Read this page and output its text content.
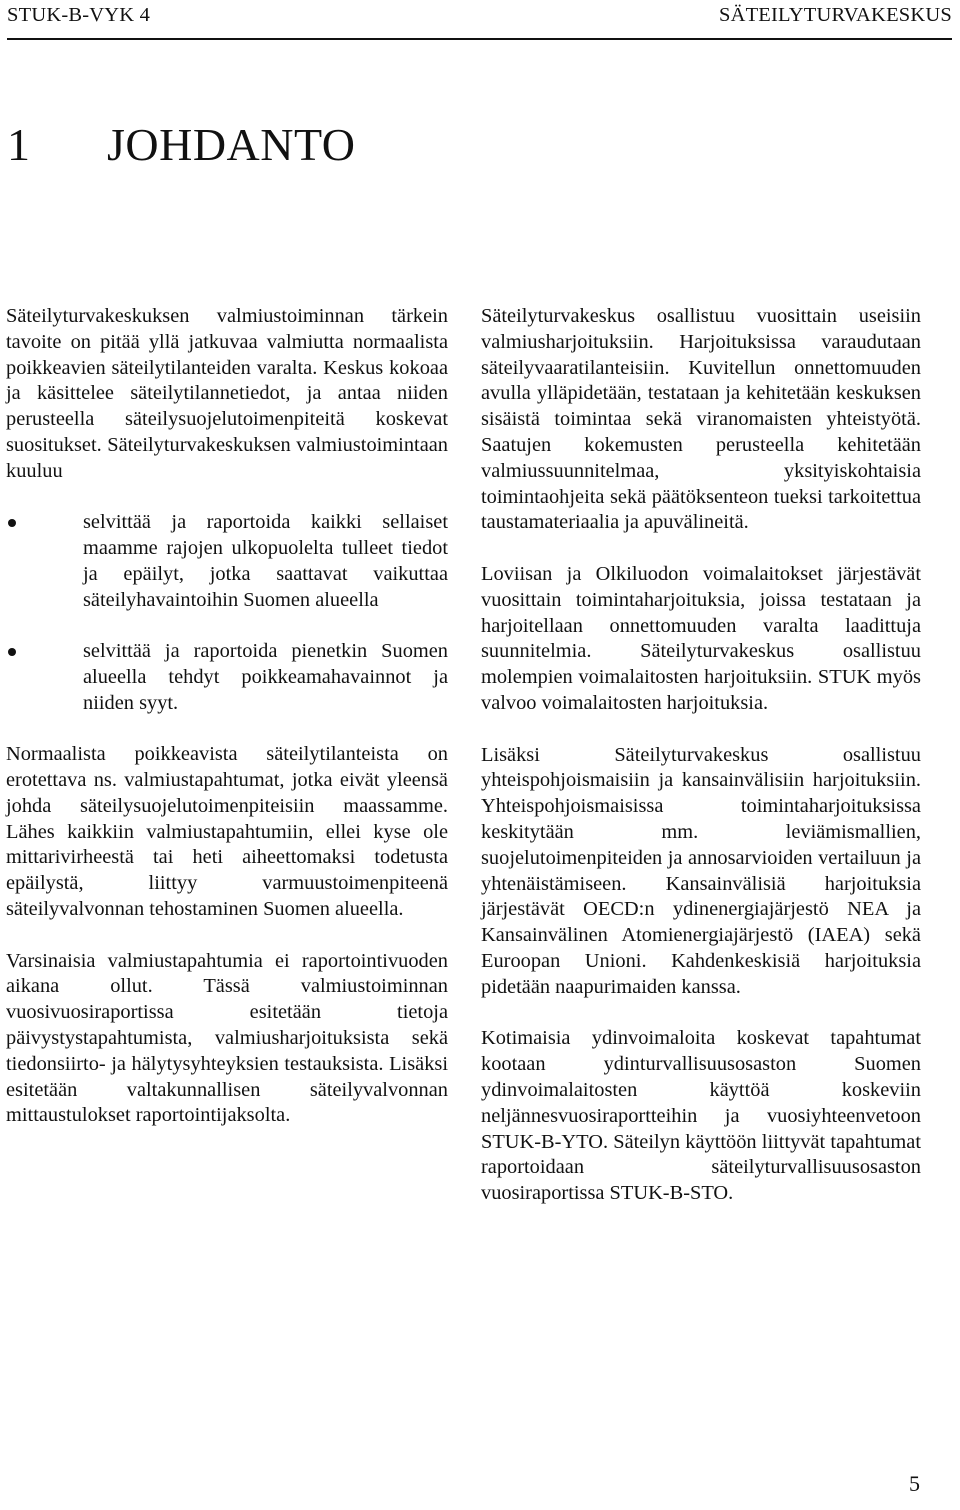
STUK-B-VYK 4	SÄTEILYTURVAKESKUS
1 JOHDANTO

Säteilyturvakeskuksen valmiustoiminnan tärkein tavoite on pitää yllä jatkuvaa valmiutta normaalista poikkeavien säteilytilanteiden varalta. Keskus kokoaa ja käsittelee säteilytilannetiedot, ja antaa niiden perusteella säteilysuojelutoimenpiteitä koskevat suositukset. Säteilyturvakeskuksen valmiustoimintaan kuuluu

selvittää ja raportoida kaikki sellaiset maamme rajojen ulkopuolelta tulleet tiedot ja epäilyt, jotka saattavat vaikuttaa säteilyhavaintoihin Suomen alueella
selvittää ja raportoida pienetkin Suomen alueella tehdyt poikkeamahavainnot ja niiden syyt.

Normaalista poikkeavista säteilytilanteista on erotettava ns. valmiustapahtumat, jotka eivät yleensä johda säteilysuojelutoimenpiteisiin maassamme. Lähes kaikkiin valmiustapahtumiin, ellei kyse ole mittarivirheestä tai heti aiheettomaksi todetusta epäilystä, liittyy varmuustoimenpiteenä säteilyvalvonnan tehostaminen Suomen alueella.

Varsinaisia valmiustapahtumia ei raportointivuoden aikana ollut. Tässä valmiustoiminnan vuosivuosiraportissa esitetään tietoja päivystystapahtumista, valmiusharjoituksista sekä tiedonsiirto- ja hälytysyhteyksien testauksista. Lisäksi esitetään valtakunnallisen säteilyvalvonnan mittaustulokset raportointijaksolta.

Säteilyturvakeskus osallistuu vuosittain useisiin valmiusharjoituksiin. Harjoituksissa varaudutaan säteilyvaaratilanteisiin. Kuvitellun onnettomuuden avulla ylläpidetään, testataan ja kehitetään keskuksen sisäistä toimintaa sekä viranomaisten yhteistyötä. Saatujen kokemusten perusteella kehitetään valmiussuunnitelmaa, yksityiskohtaisia toimintaohjeita sekä päätöksenteon tueksi tarkoitettua taustamateriaalia ja apuvälineitä.

Loviisan ja Olkiluodon voimalaitokset järjestävät vuosittain toimintaharjoituksia, joissa testataan ja harjoitellaan onnettomuuden varalta laadittuja suunnitelmia. Säteilyturvakeskus osallistuu molempien voimalaitosten harjoituksiin. STUK myös valvoo voimalaitosten harjoituksia.

Lisäksi Säteilyturvakeskus osallistuu yhteispohjoismaisiin ja kansainvälisiin harjoituksiin. Yhteispohjoismaisissa toimintaharjoituksissa keskitytään mm. leviämismallien, suojelutoimenpiteiden ja annosarvioiden vertailuun ja yhtenäistämiseen. Kansainvälisiä harjoituksia järjestävät OECD:n ydinenergiajärjestö NEA ja Kansainvälinen Atomienergiajärjestö (IAEA) sekä Euroopan Unioni. Kahdenkeskisiä harjoituksia pidetään naapurimaiden kanssa.

Kotimaisia ydinvoimaloita koskevat tapahtumat kootaan ydinturvallisuusosaston Suomen ydinvoimalaitosten käyttöä koskeviin neljännesvuosiraportteihin ja vuosiyhteenvetoon STUK-B-YTO. Säteilyn käyttöön liittyvät tapahtumat raportoidaan säteilyturvallisuusosaston vuosiraportissa STUK-B-STO.

5
